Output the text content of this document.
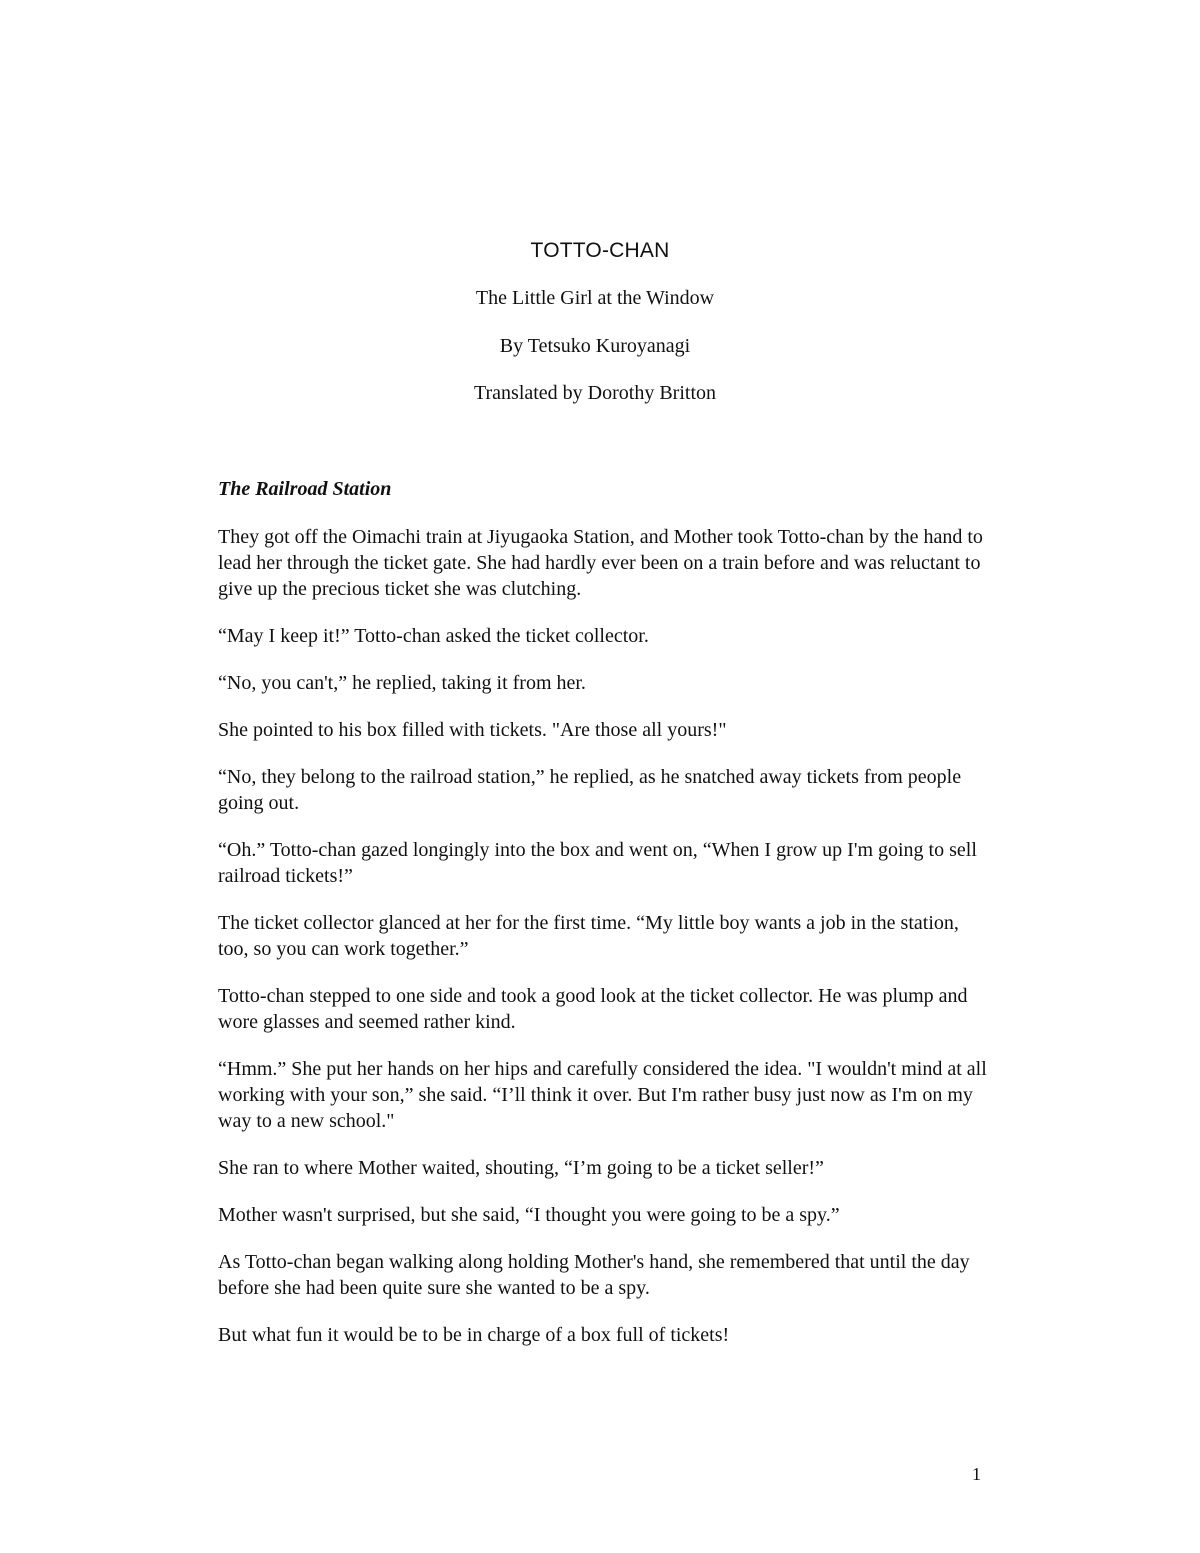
TOTTO-CHAN
The Little Girl at the Window
By Tetsuko Kuroyanagi
Translated by Dorothy Britton
The Railroad Station

They got off the Oimachi train at Jiyugaoka Station, and Mother took Totto-chan by the hand to lead her through the ticket gate. She had hardly ever been on a train before and was reluctant to give up the precious ticket she was clutching.

“May I keep it!” Totto-chan asked the ticket collector.

“No, you can't,” he replied, taking it from her.

She pointed to his box filled with tickets. "Are those all yours!"

“No, they belong to the railroad station,” he replied, as he snatched away tickets from people going out.

“Oh.” Totto-chan gazed longingly into the box and went on, “When I grow up I'm going to sell railroad tickets!”

The ticket collector glanced at her for the first time. “My little boy wants a job in the station, too, so you can work together.”

Totto-chan stepped to one side and took a good look at the ticket collector. He was plump and wore glasses and seemed rather kind.

“Hmm.” She put her hands on her hips and carefully considered the idea. "I wouldn't mind at all working with your son,” she said. “I’ll think it over. But I'm rather busy just now as I'm on my way to a new school."

She ran to where Mother waited, shouting, “I’m going to be a ticket seller!”

Mother wasn't surprised, but she said, “I thought you were going to be a spy.”

As Totto-chan began walking along holding Mother's hand, she remembered that until the day before she had been quite sure she wanted to be a spy.

But what fun it would be to be in charge of a box full of tickets!

1
